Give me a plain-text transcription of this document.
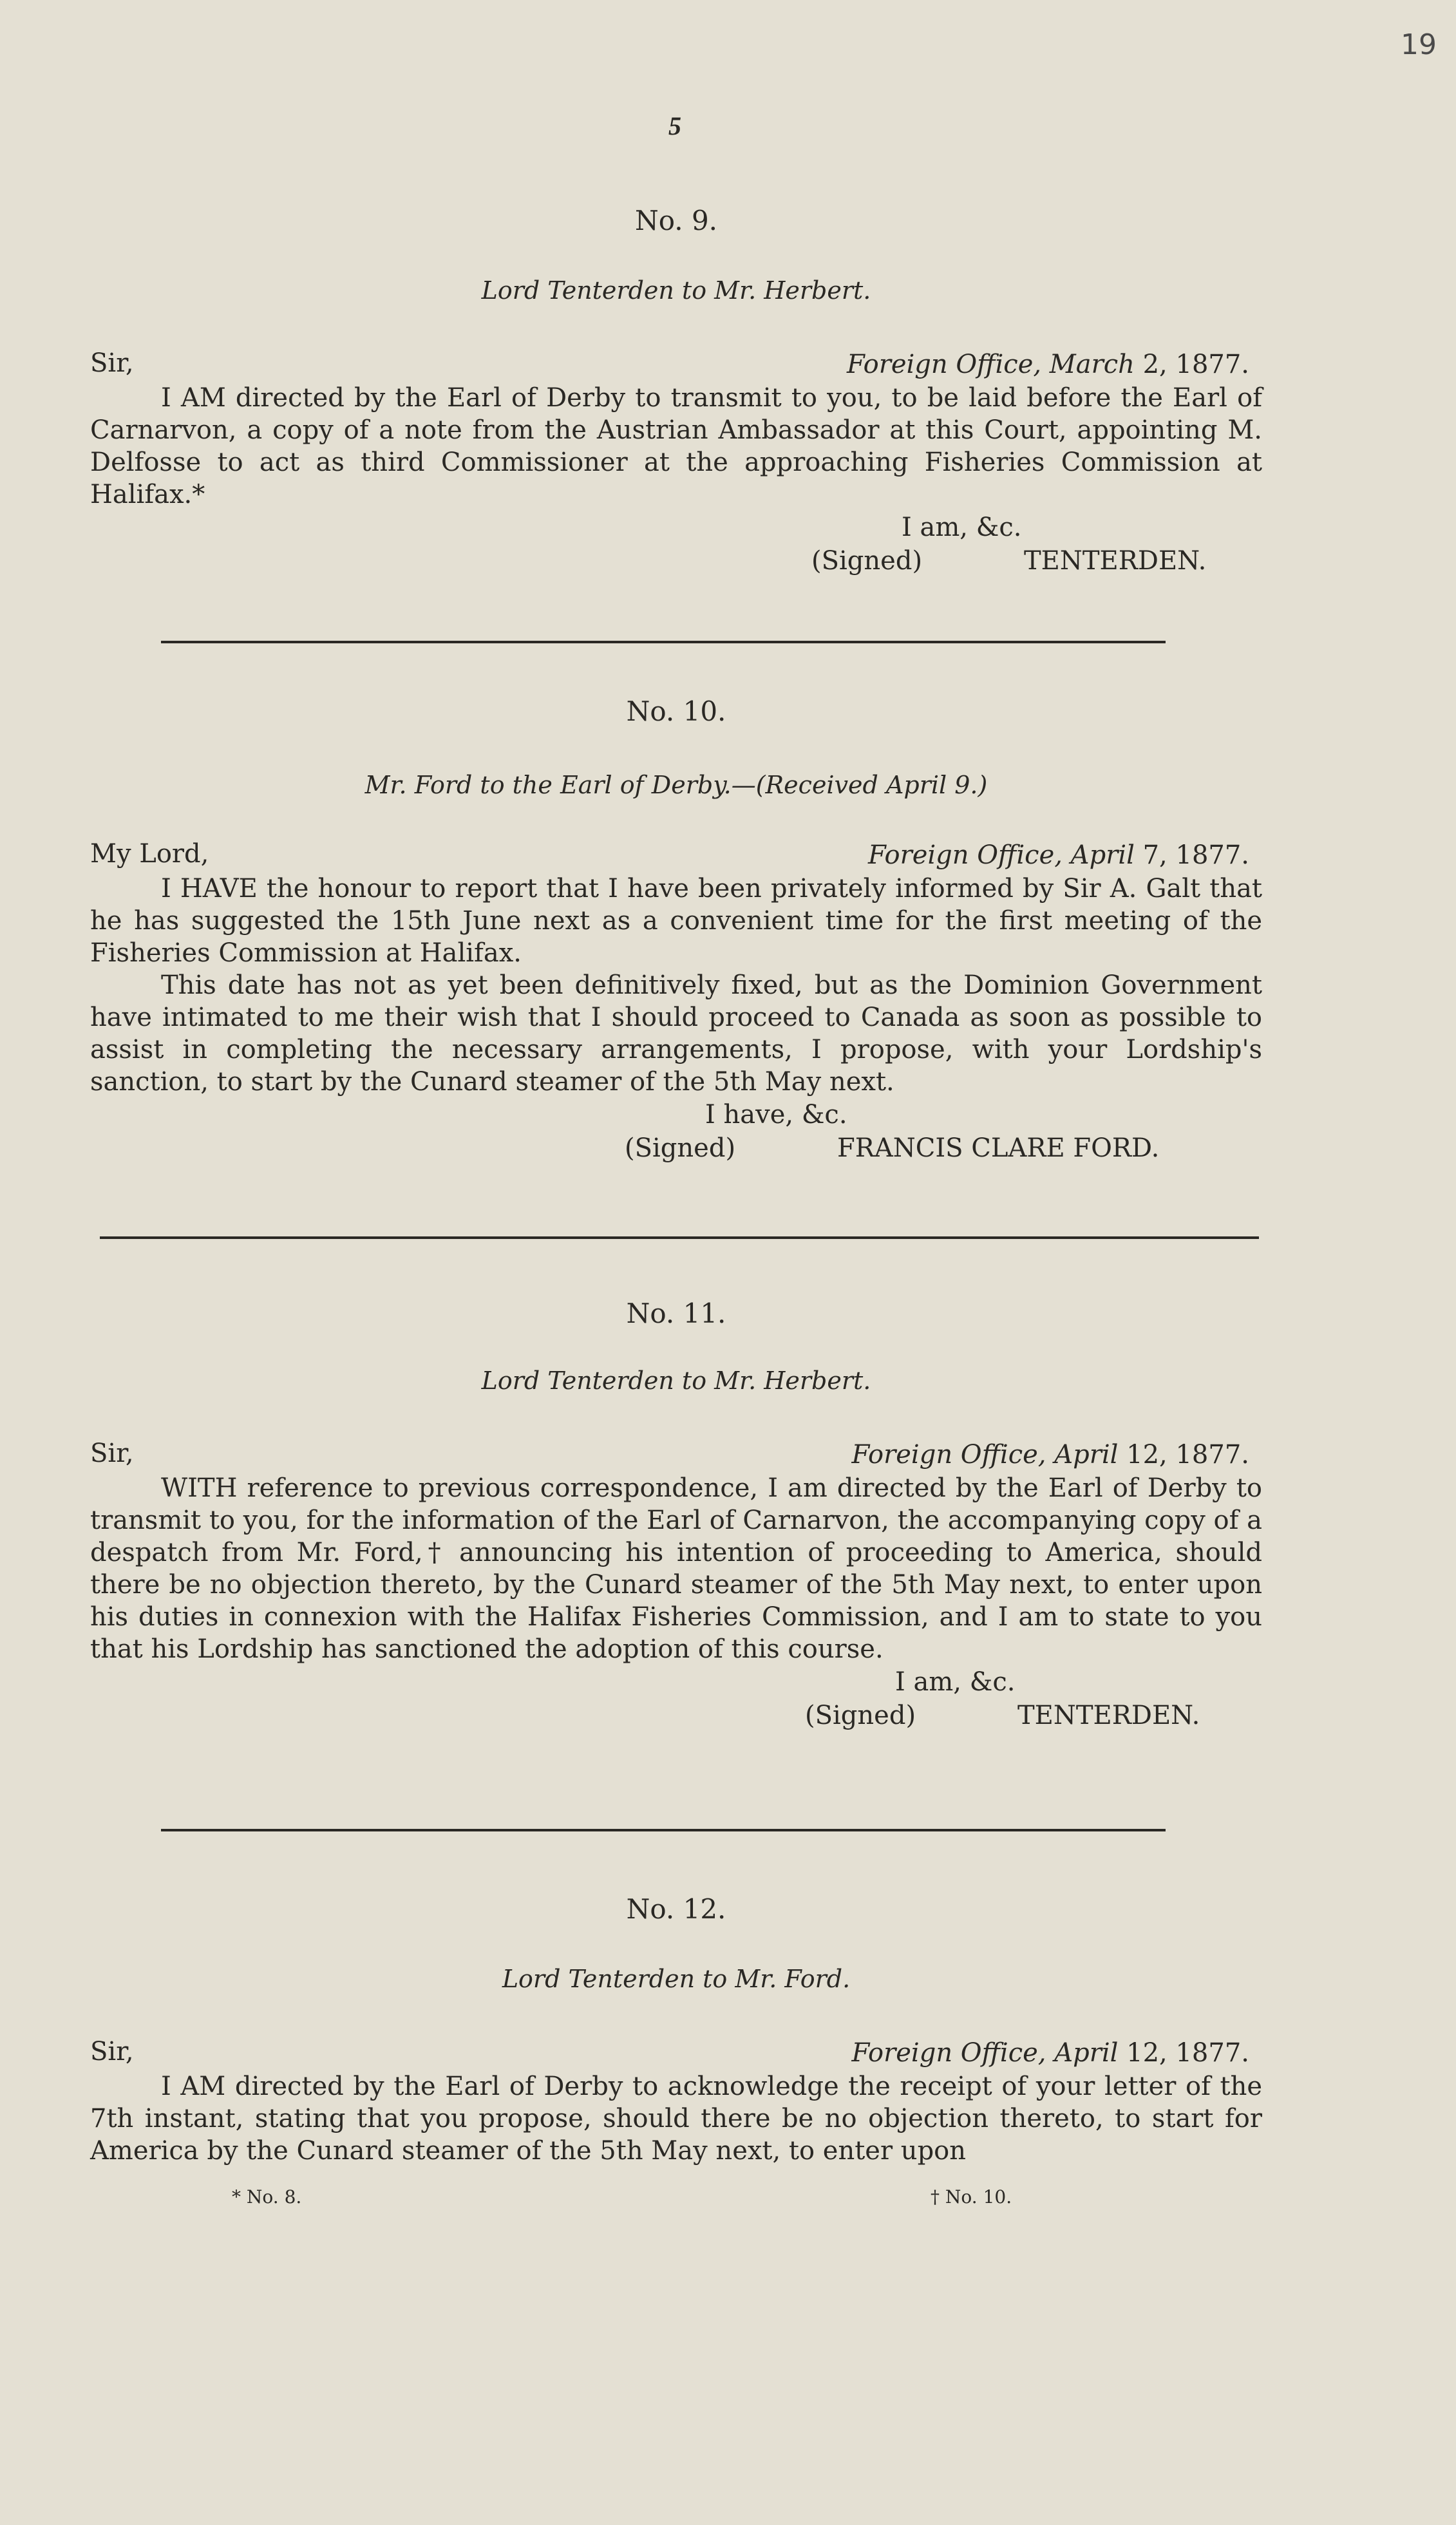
19
5

No. 9.

Lord Tenterden to Mr. Herbert.

Sir,	Foreign Office, March 2, 1877.

I AM directed by the Earl of Derby to transmit to you, to be laid before the Earl of Carnarvon, a copy of a note from the Austrian Ambassador at this Court, appointing M. Delfosse to act as third Commissioner at the approaching Fisheries Commission at Halifax.*

I am, &c.
(Signed)	TENTERDEN.

No. 10.

Mr. Ford to the Earl of Derby.—(Received April 9.)

My Lord,	Foreign Office, April 7, 1877.

I HAVE the honour to report that I have been privately informed by Sir A. Galt that he has suggested the 15th June next as a convenient time for the first meeting of the Fisheries Commission at Halifax.

This date has not as yet been definitively fixed, but as the Dominion Government have intimated to me their wish that I should proceed to Canada as soon as possible to assist in completing the necessary arrangements, I propose, with your Lordship's sanction, to start by the Cunard steamer of the 5th May next.

I have, &c.
(Signed)	FRANCIS CLARE FORD.

No. 11.

Lord Tenterden to Mr. Herbert.

Sir,	Foreign Office, April 12, 1877.

WITH reference to previous correspondence, I am directed by the Earl of Derby to transmit to you, for the information of the Earl of Carnarvon, the accompanying copy of a despatch from Mr. Ford,† announcing his intention of proceeding to America, should there be no objection thereto, by the Cunard steamer of the 5th May next, to enter upon his duties in connexion with the Halifax Fisheries Commission, and I am to state to you that his Lordship has sanctioned the adoption of this course.

I am, &c.
(Signed)	TENTERDEN.

No. 12.

Lord Tenterden to Mr. Ford.

Sir,	Foreign Office, April 12, 1877.

I AM directed by the Earl of Derby to acknowledge the receipt of your letter of the 7th instant, stating that you propose, should there be no objection thereto, to start for America by the Cunard steamer of the 5th May next, to enter upon

* No. 8.	† No. 10.
